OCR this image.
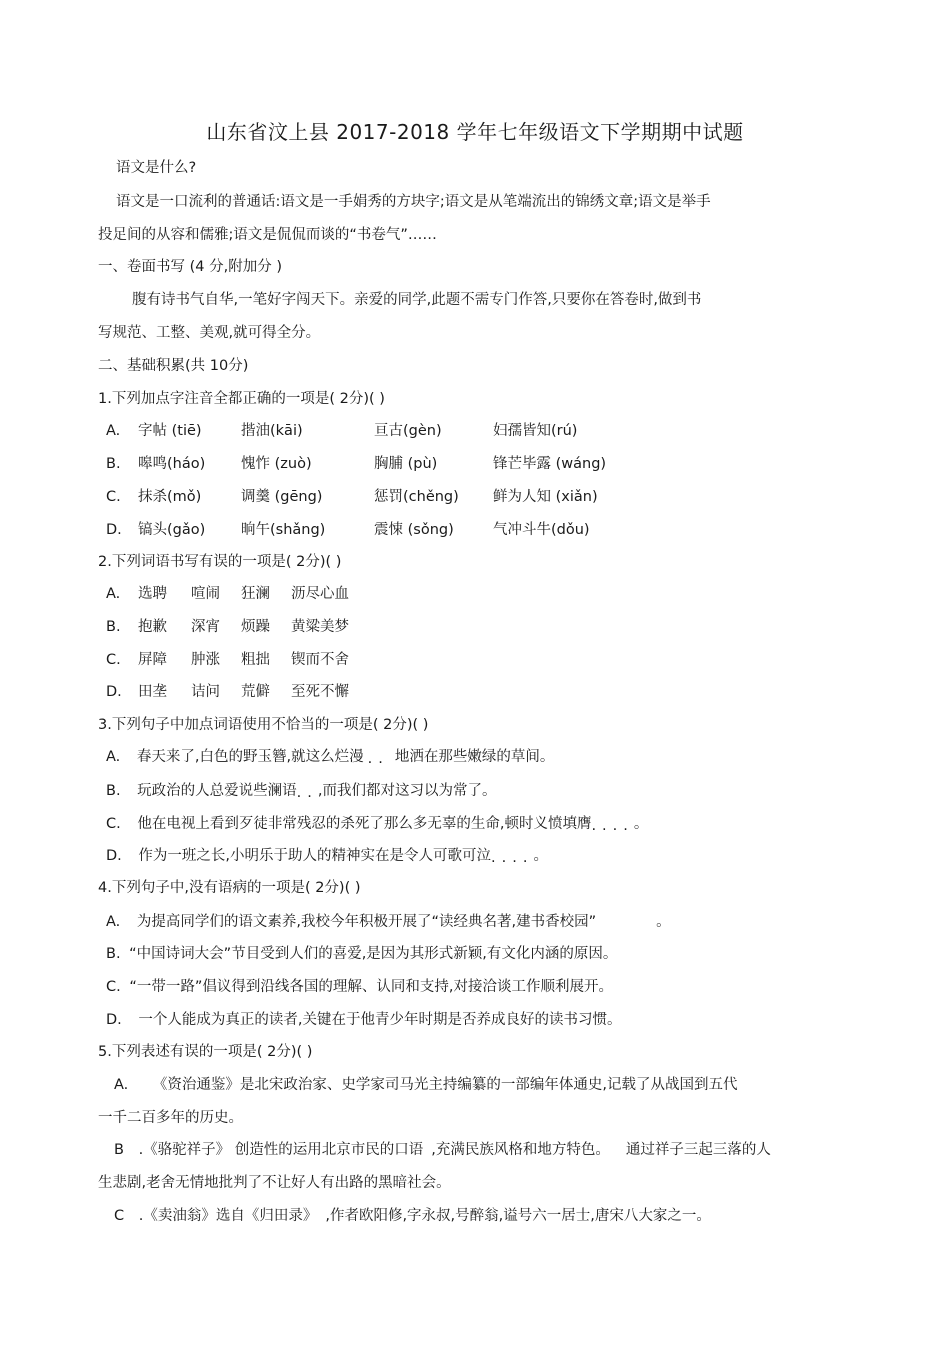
山东省汶上县 2017-2018 学年七年级语文下学期期中试题
语文是什么?
语文是一口流利的普通话:语文是一手娟秀的方块字;语文是从笔端流出的锦绣文章;语文是举手
投足间的从容和儒雅;语文是侃侃而谈的“书卷气”……
一、卷面书写 (4 分,附加分 )
腹有诗书气自华,一笔好字闯天下。亲爱的同学,此题不需专门作答,只要你在答卷时,做到书
写规范、工整、美观,就可得全分。
二、基础积累(共 10分)
1.下列加点字注音全都正确的一项是( 2分)( )
A. 字帖 (tiē)	揩油(kāi)	亘古(gèn)	妇孺皆知(rú)
B. 嗥鸣(háo) 愧怍 (zuò)	胸脯 (pù)	锋芒毕露 (wáng)
C. 抹杀(mǒ)	调羹 (gēng)	惩罚(chěng) 鲜为人知 (xiǎn)
D. 镐头(gǎo) 晌午(shǎng)	震悚 (sǒng)	气冲斗牛(dǒu)
2.下列词语书写有误的一项是( 2分)( )
A. 选聘 喧闹 狂澜 沥尽心血
B. 抱歉 深宵 烦躁 黄粱美梦
C. 屏障 肿涨 粗拙 锲而不舍
D. 田垄 诘问 荒僻 至死不懈
3.下列句子中加点词语使用不恰当的一项是( 2分)( )
A. 春天来了,白色的野玉簪,就这么烂漫 ·· 地洒在那些嫩绿的草间。
B. 玩政治的人总爱说些澜语··,而我们都对这习以为常了。
C. 他在电视上看到歹徒非常残忍的杀死了那么多无辜的生命,顿时义愤填膺····。
D. 作为一班之长,小明乐于助人的精神实在是令人可歌可泣····。
4.下列句子中,没有语病的一项是( 2分)( )
A. 为提高同学们的语文素养,我校今年积极开展了“读经典名著,建书香校园”	。
B. “中国诗词大会”节目受到人们的喜爱,是因为其形式新颖,有文化内涵的原因。
C. “一带一路”倡议得到沿线各国的理解、认同和支持,对接洽谈工作顺利展开。
D. 一个人能成为真正的读者,关键在于他青少年时期是否养成良好的读书习惯。
5.下列表述有误的一项是( 2分)( )
A. 《资治通鉴》是北宋政治家、史学家司马光主持编纂的一部编年体通史,记载了从战国到五代
一千二百多年的历史。
B .《骆驼祥子》 创造性的运用北京市民的口语 ,充满民族风格和地方特色。 通过祥子三起三落的人
生悲剧,老舍无情地批判了不让好人有出路的黑暗社会。
C .《卖油翁》选自《归田录》 ,作者欧阳修,字永叔,号醉翁,谥号六一居士,唐宋八大家之一。
